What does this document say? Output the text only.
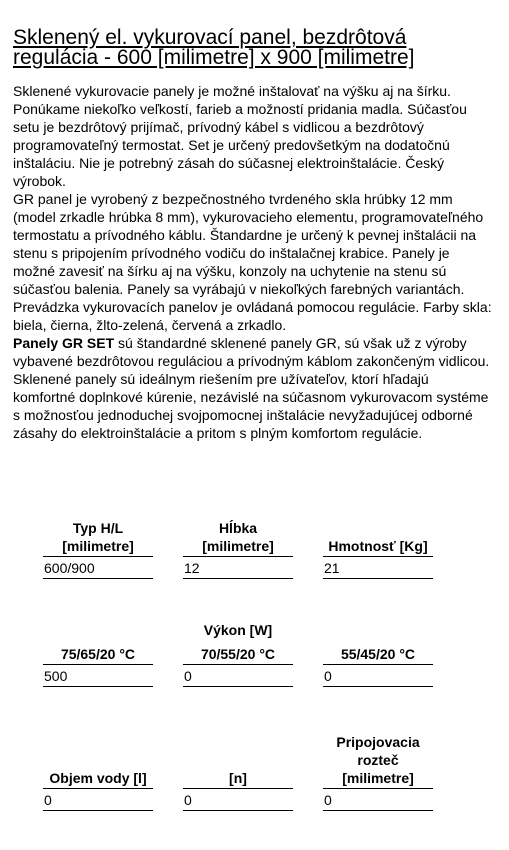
Sklenený el. vykurovací panel, bezdrôtová regulácia - 600 [milimetre] x 900 [milimetre]

Sklenené vykurovacie panely je možné inštalovať na výšku aj na šírku. Ponúkame niekoľko veľkostí, farieb a možností pridania madla. Súčasťou setu je bezdrôtový prijímač, prívodný kábel s vidlicou a bezdrôtový programovateľný termostat. Set je určený predovšetkým na dodatočnú inštaláciu. Nie je potrebný zásah do súčasnej elektroinštalácie. Český výrobok.

GR panel je vyrobený z bezpečnostného tvrdeného skla hrúbky 12 mm (model zrkadle hrúbka 8 mm), vykurovacieho elementu, programovateľného termostatu a prívodného káblu. Štandardne je určený k pevnej inštalácii na stenu s pripojením prívodného vodiču do inštalačnej krabice. Panely je možné zavesiť na šírku aj na výšku, konzoly na uchytenie na stenu sú súčasťou balenia. Panely sa vyrábajú v niekoľkých farebných variantách. Prevádzka vykurovacích panelov je ovládaná pomocou regulácie. Farby skla: biela, čierna, žlto-zelená, červená a zrkadlo.

Panely GR SET sú štandardné sklenené panely GR, sú však už z výroby vybavené bezdrôtovou reguláciou a prívodným káblom zakončeným vidlicou. Sklenené panely sú ideálnym riešením pre užívateľov, ktorí hľadajú komfortné doplnkové kúrenie, nezávislé na súčasnom vykurovacom systéme s možnosťou jednoduchej svojpomocnej inštalácie nevyžadujúcej odborné zásahy do elektroinštalácie a pritom s plným komfortom regulácie.

Typ H/L
[milimetre]
600/900
Hĺbka
[milimetre]
12
Hmotnosť [Kg]
21
Výkon [W]
75/65/20 °C
500
70/55/20 °C
0
55/45/20 °C
0
Objem vody [l]
0
[n]
0
Pripojovacia
rozteč
[milimetre]
0
